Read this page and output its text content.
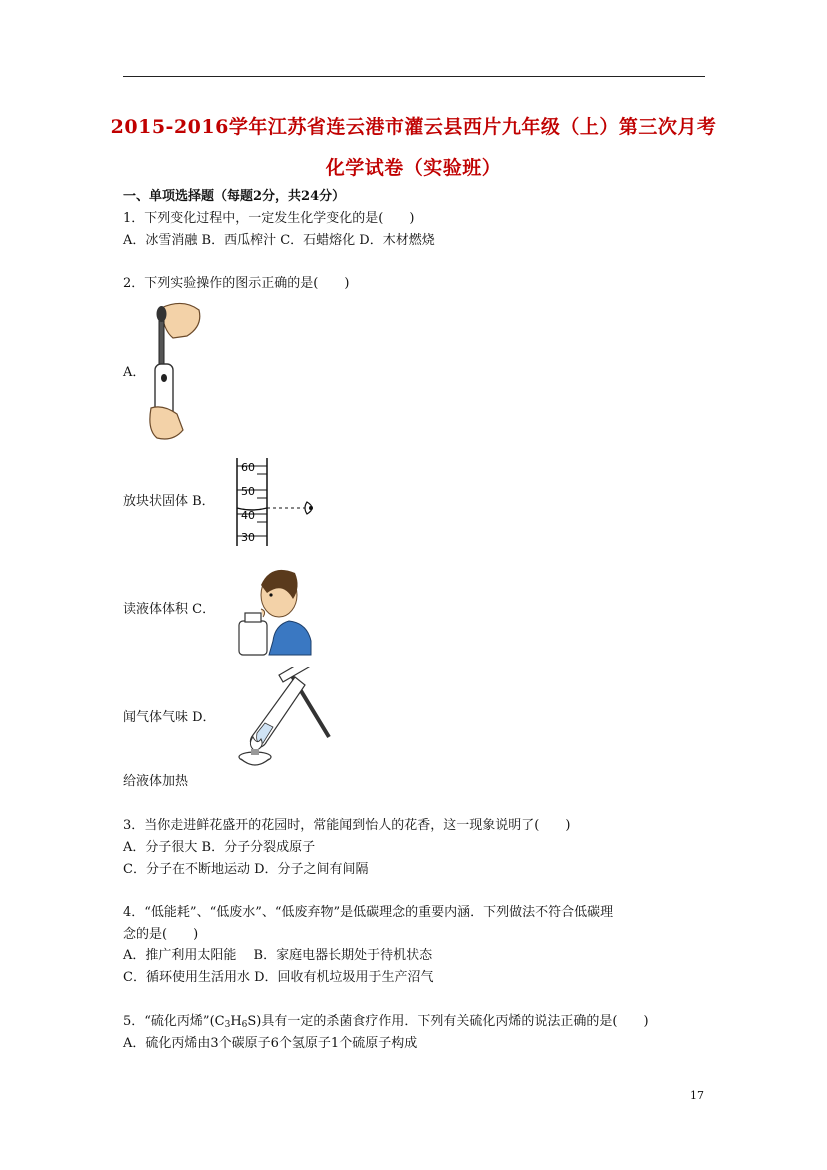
2015-2016学年江苏省连云港市灌云县西片九年级（上）第三次月考
化学试卷（实验班）
一、单项选择题（每题2分，共24分）
1．下列变化过程中，一定发生化学变化的是(　　)
A．冰雪消融 B．西瓜榨汁 C．石蜡熔化 D．木材燃烧
2．下列实验操作的图示正确的是(　　)
A．
放块状固体 B．
60
50
40
30
读液体体积 C．
闻气体气味 D．
给液体加热
3．当你走进鲜花盛开的花园时，常能闻到怡人的花香，这一现象说明了(　　)
A．分子很大 B．分子分裂成原子
C．分子在不断地运动 D．分子之间有间隔
4．“低能耗”、“低废水”、“低废弃物”是低碳理念的重要内涵．下列做法不符合低碳理
念的是(　　)
A．推广利用太阳能　 B．家庭电器长期处于待机状态
C．循环使用生活用水 D．回收有机垃圾用于生产沼气
5．“硫化丙烯$”(C_3H_6S)$具有一定的杀菌食疗作用．下列有关硫化丙烯的说法正确的是(　　)
A．硫化丙烯由3个碳原子6个氢原子1个硫原子构成
17
